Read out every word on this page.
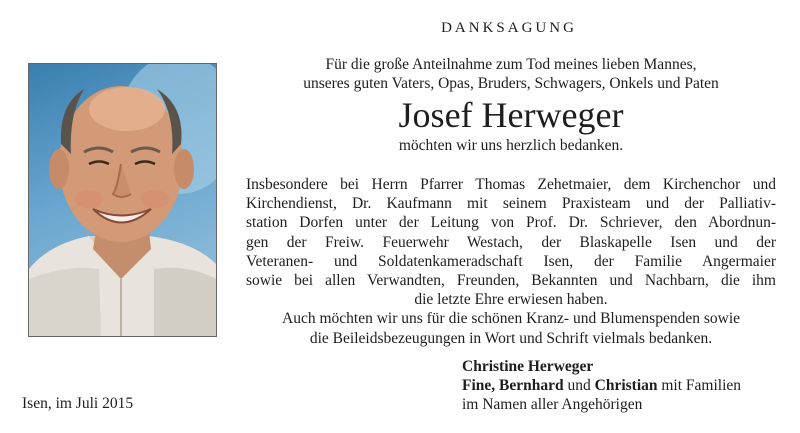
DANKSAGUNG
Für die große Anteilnahme zum Tod meines lieben Mannes,
unseres guten Vaters, Opas, Bruders, Schwagers, Onkels und Paten
Josef Herweger
möchten wir uns herzlich bedanken.
Insbesondere bei Herrn Pfarrer Thomas Zehetmaier, dem Kirchenchor und
Kirchendienst, Dr. Kaufmann mit seinem Praxisteam und der Palliativ-
station Dorfen unter der Leitung von Prof. Dr. Schriever, den Abordnun-
gen der Freiw. Feuerwehr Westach, der Blaskapelle Isen und der
Veteranen- und Soldatenkameradschaft Isen, der Familie Angermaier
sowie bei allen Verwandten, Freunden, Bekannten und Nachbarn, die ihm
die letzte Ehre erwiesen haben.
Auch möchten wir uns für die schönen Kranz- und Blumenspenden sowie
die Beileidsbezeugungen in Wort und Schrift vielmals bedanken.
Isen, im Juli 2015
Christine Herweger
Fine, Bernhard und Christian mit Familien
im Namen aller Angehörigen
